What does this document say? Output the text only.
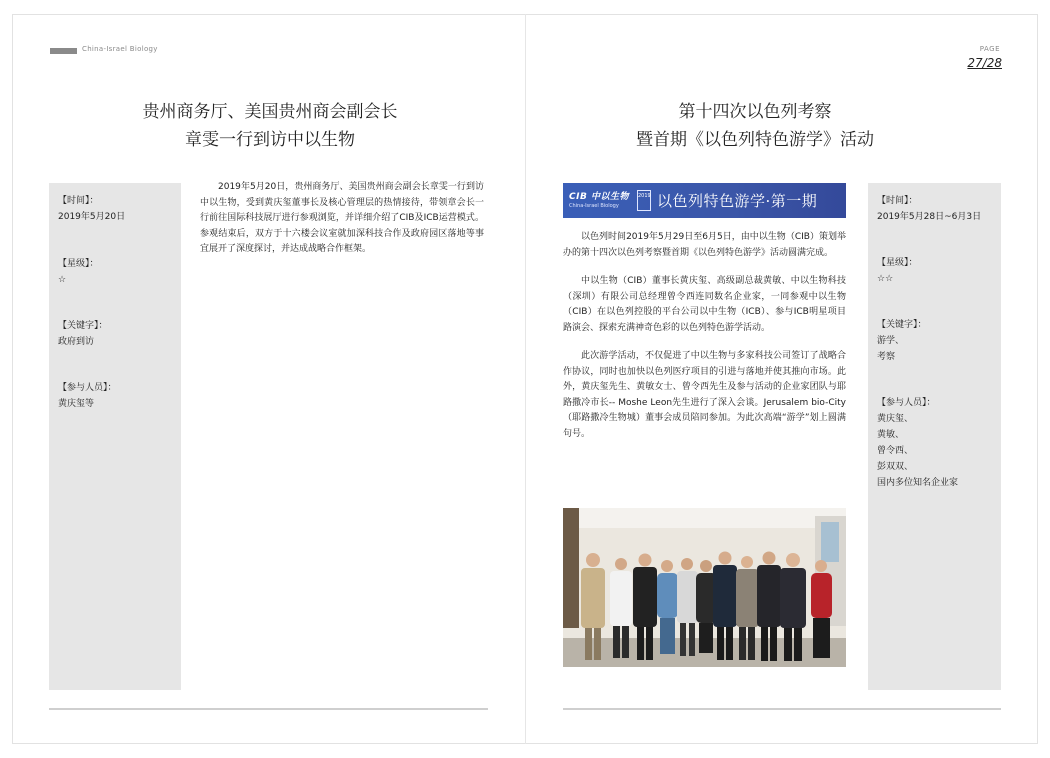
China-Israel Biology	PAGE
27/28
贵州商务厅、美国贵州商会副会长
章雯一行到访中以生物
【时间】：
2019年5月20日
【星级】：
☆
【关键字】：
政府到访
【参与人员】：
黄庆玺等

2019年5月20日，贵州商务厅、美国贵州商会副会长章雯一行到访中以生物，受到黄庆玺董事长及核心管理层的热情接待，带领章会长一行前往国际科技展厅进行参观浏览，并详细介绍了CIB及ICB运营模式。参观结束后，双方于十六楼会议室就加深科技合作及政府园区落地等事宜展开了深度探讨，并达成战略合作框架。

第十四次以色列考察
暨首期《以色列特色游学》活动
CIB 中以生物
China-Israel Biology
2019 以色列特色游学·第一期

以色列时间2019年5月29日至6月5日，由中以生物（CIB）策划举办的第十四次以色列考察暨首期《以色列特色游学》活动圆满完成。

中以生物（CIB）董事长黄庆玺、高级副总裁黄敏、中以生物科技（深圳）有限公司总经理曾令西连同数名企业家，一同参观中以生物（CIB）在以色列控股的平台公司以中生物（ICB）、参与ICB明星项目路演会、探索充满神奇色彩的以色列特色游学活动。

此次游学活动，不仅促进了中以生物与多家科技公司签订了战略合作协议，同时也加快以色列医疗项目的引进与落地并使其推向市场。此外，黄庆玺先生、黄敏女士、曾令西先生及参与活动的企业家团队与耶路撒冷市长-- Moshe Leon先生进行了深入会谈。Jerusalem bio-City（耶路撒冷生物城）董事会成员陪同参加。为此次高端“游学”划上圆满句号。

【时间】：
2019年5月28日~6月3日
【星级】：
☆☆
【关键字】：
游学、
考察
【参与人员】：
黄庆玺、
黄敏、
曾令西、
彭双双、
国内多位知名企业家
